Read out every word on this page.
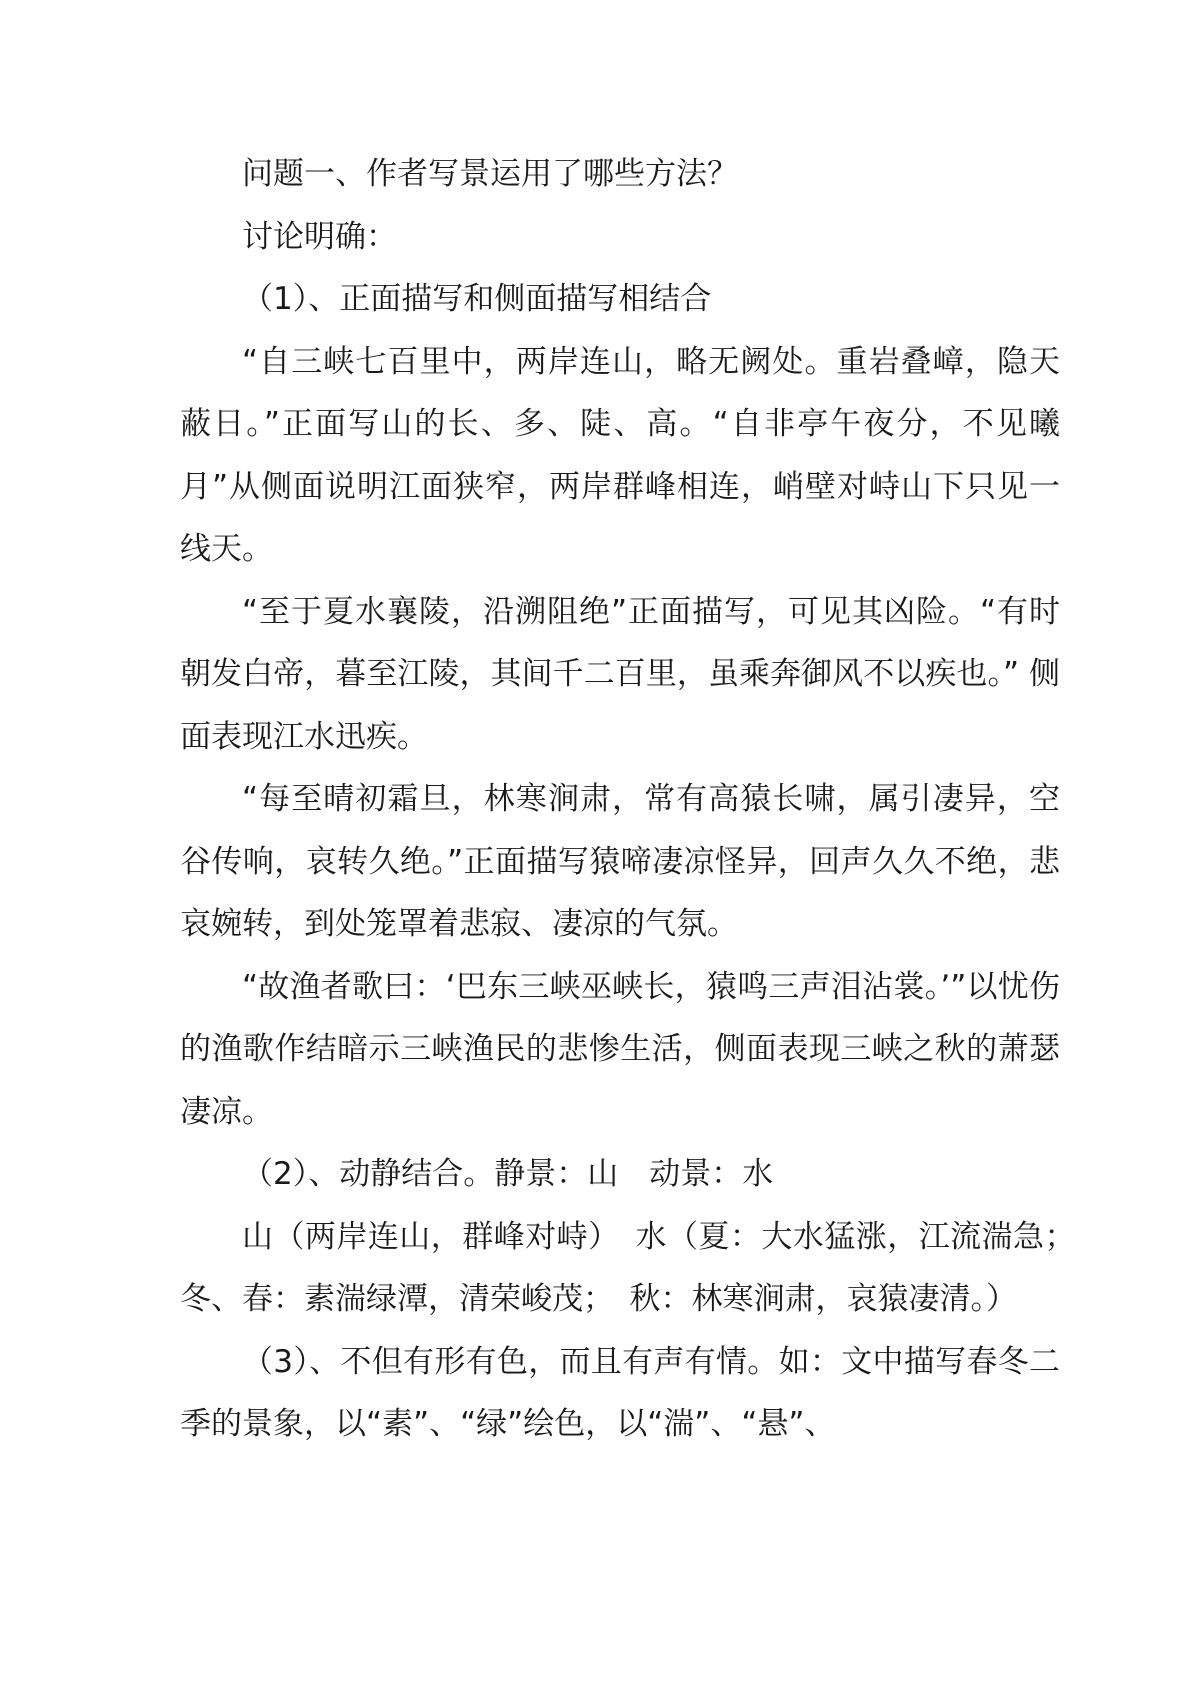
问题一、作者写景运用了哪些方法？

讨论明确：

（1）、正面描写和侧面描写相结合

“自三峡七百里中，两岸连山，略无阙处。重岩叠嶂，隐天蔽日。”正面写山的长、多、陡、高。“自非亭午夜分，不见曦月”从侧面说明江面狭窄，两岸群峰相连，峭壁对峙山下只见一线天。

“至于夏水襄陵，沿溯阻绝”正面描写，可见其凶险。“有时朝发白帝，暮至江陵，其间千二百里，虽乘奔御风不以疾也。” 侧面表现江水迅疾。

“每至晴初霜旦，林寒涧肃，常有高猿长啸，属引凄异，空谷传响，哀转久绝。”正面描写猿啼凄凉怪异，回声久久不绝，悲哀婉转，到处笼罩着悲寂、凄凉的气氛。

“故渔者歌曰：‘巴东三峡巫峡长，猿鸣三声泪沾裳。’”以忧伤的渔歌作结暗示三峡渔民的悲惨生活，侧面表现三峡之秋的萧瑟凄凉。

（2）、动静结合。静景：山　动景：水

山（两岸连山，群峰对峙）　水（夏：大水猛涨，江流湍急；　冬、春：素湍绿潭，清荣峻茂；　秋：林寒涧肃，哀猿凄清。）

（3）、不但有形有色，而且有声有情。如：文中描写春冬二季的景象，以“素”、“绿”绘色，以“湍”、“悬”、
